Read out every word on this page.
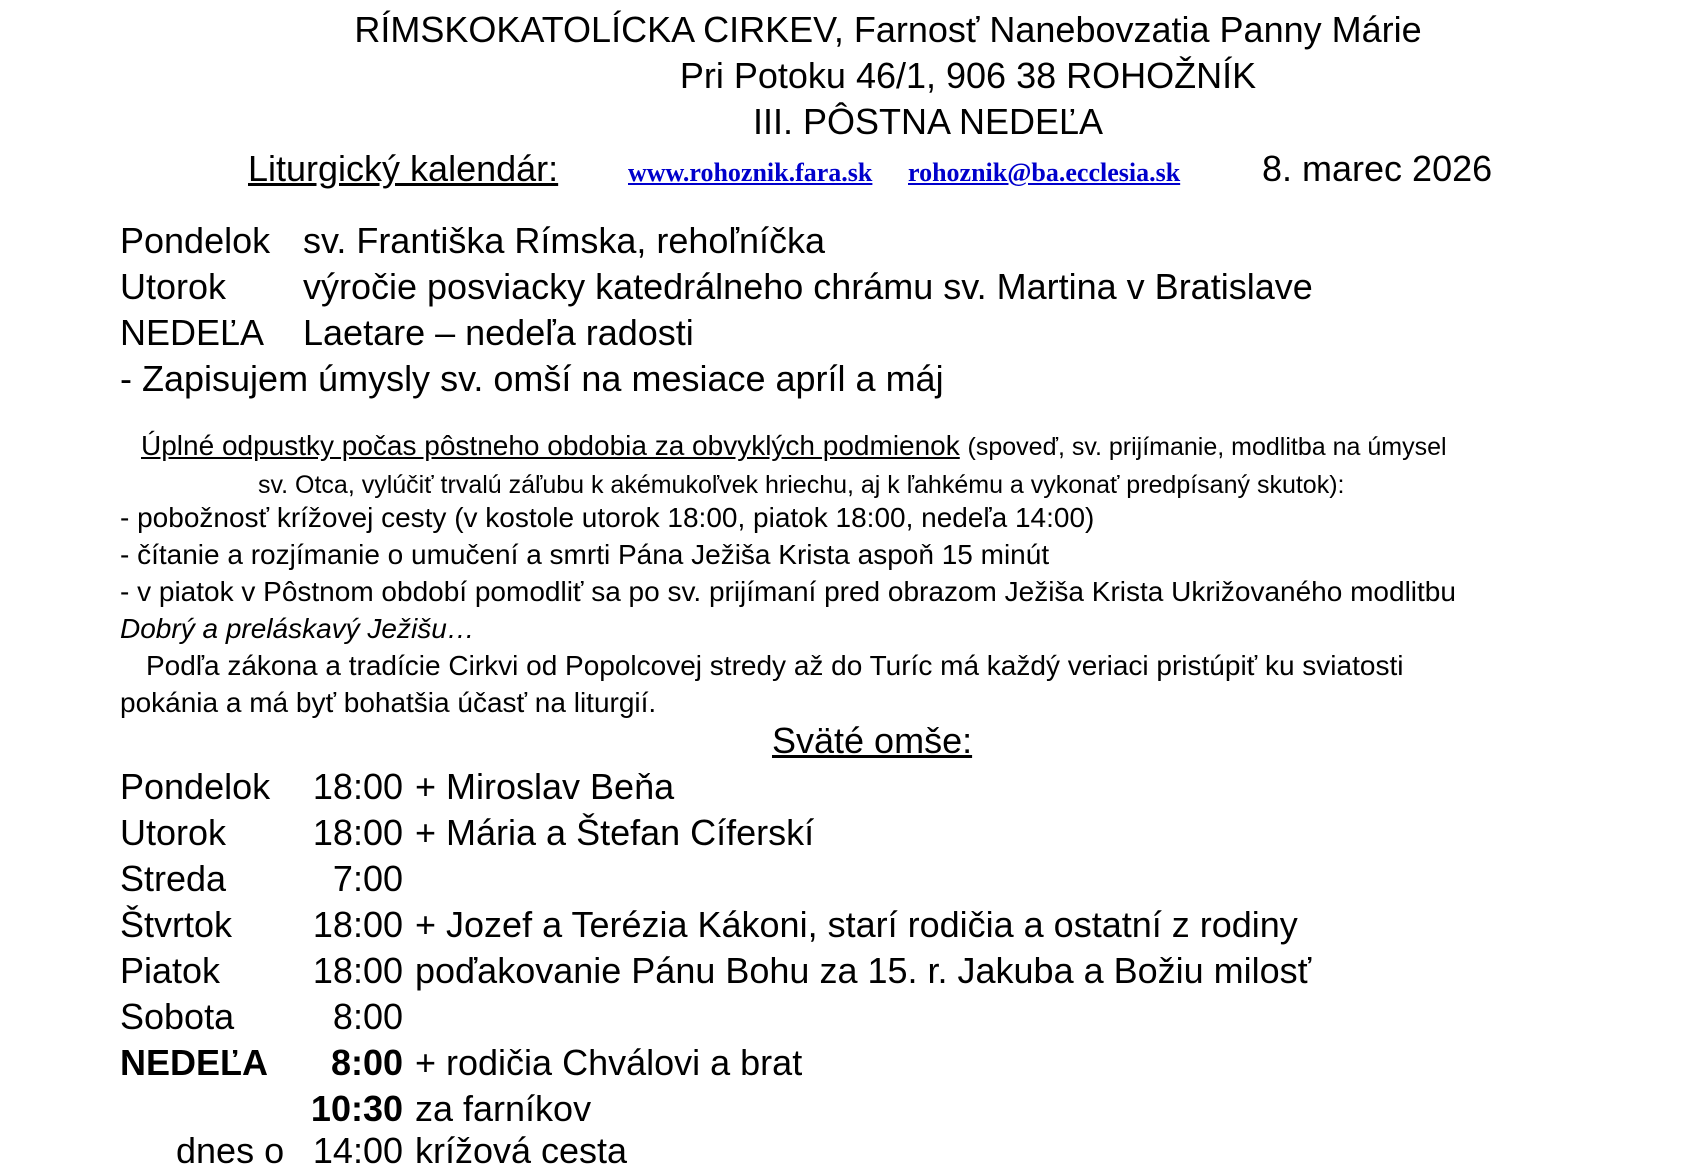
RÍMSKOKATOLÍCKA CIRKEV, Farnosť Nanebovzatia Panny Márie
Pri Potoku 46/1, 906 38 ROHOŽNÍK
III. PÔSTNA NEDEĽA
Liturgický kalendár:	www.rohoznik.fara.sk rohoznik@ba.ecclesia.sk 8. marec 2026
Pondelok sv. Františka Rímska, rehoľníčka
Utorok výročie posviacky katedrálneho chrámu sv. Martina v Bratislave
NEDEĽA Laetare – nedeľa radosti
- Zapisujem úmysly sv. omší na mesiace apríl a máj
Úplné odpustky počas pôstneho obdobia za obvyklých podmienok (spoveď, sv. prijímanie, modlitba na úmysel
sv. Otca, vylúčiť trvalú záľubu k akémukoľvek hriechu, aj k ľahkému a vykonať predpísaný skutok):
- pobožnosť krížovej cesty (v kostole utorok 18:00, piatok 18:00, nedeľa 14:00)
- čítanie a rozjímanie o umučení a smrti Pána Ježiša Krista aspoň 15 minút
- v piatok v Pôstnom období pomodliť sa po sv. prijímaní pred obrazom Ježiša Krista Ukrižovaného modlitbu
Dobrý a preláskavý Ježišu…
Podľa zákona a tradície Cirkvi od Popolcovej stredy až do Turíc má každý veriaci pristúpiť ku sviatosti
pokánia a má byť bohatšia účasť na liturgií.
Sväté omše:
Pondelok 18:00 + Miroslav Beňa
Utorok 18:00 + Mária a Štefan Cíferskí
Streda	7:00
Štvrtok 18:00 + Jozef a Terézia Kákoni, starí rodičia a ostatní z rodiny
Piatok	18:00 poďakovanie Pánu Bohu za 15. r. Jakuba a Božiu milosť
Sobota	8:00
NEDEĽA	8:00 + rodičia Chválovi a brat
10:30 za farníkov
dnes o 14:00 krížová cesta
